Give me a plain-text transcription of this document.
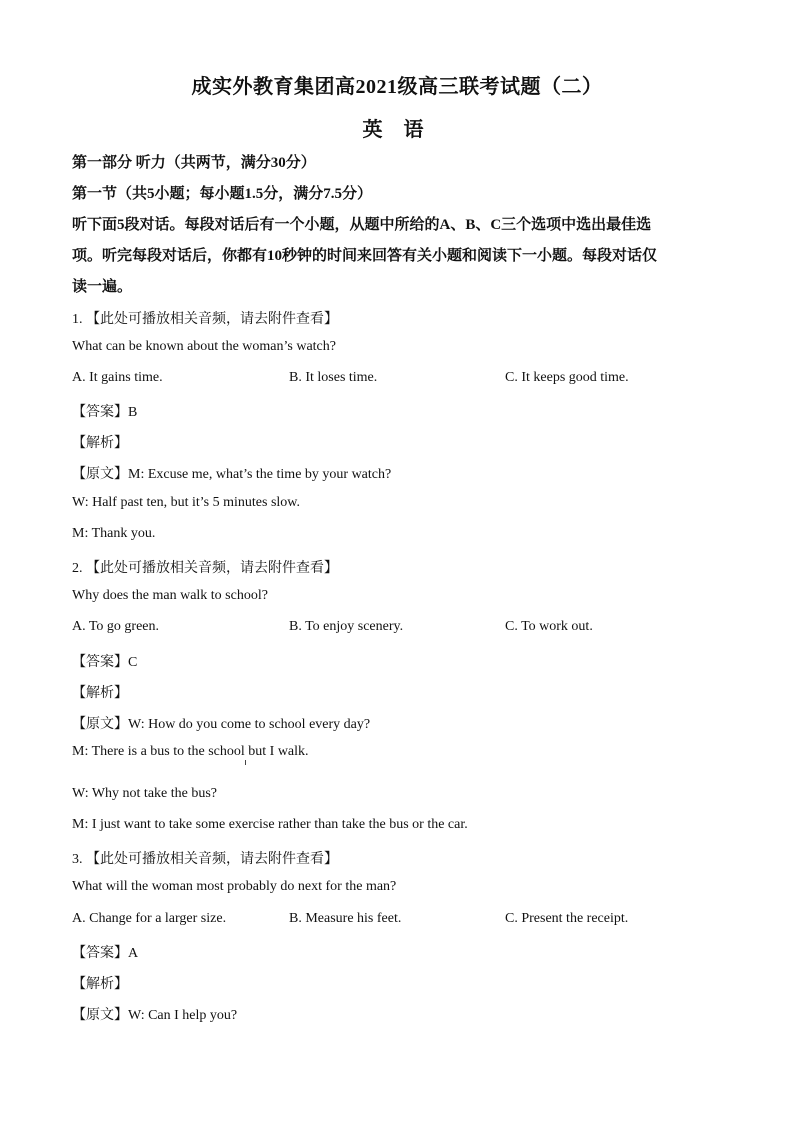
成实外教育集团高2021级高三联考试题（二）
英 语
第一部分 听力（共两节，满分30分）
第一节（共5小题；每小题1.5分，满分7.5分）
听下面5段对话。每段对话后有一个小题，从题中所给的A、B、C三个选项中选出最佳选
项。听完每段对话后，你都有10秒钟的时间来回答有关小题和阅读下一小题。每段对话仅
读一遍。
1. 【此处可播放相关音频，请去附件查看】
What can be known about the woman’s watch?
A. It gains time.	B. It loses time.	C. It keeps good time.
【答案】B
【解析】
【原文】M: Excuse me, what’s the time by your watch?
W: Half past ten, but it’s 5 minutes slow.
M: Thank you.
2. 【此处可播放相关音频，请去附件查看】
Why does the man walk to school?
A. To go green.	B. To enjoy scenery.	C. To work out.
【答案】C
【解析】
【原文】W: How do you come to school every day?
M: There is a bus to the school but I walk.
W: Why not take the bus?
M: I just want to take some exercise rather than take the bus or the car.
3. 【此处可播放相关音频，请去附件查看】
What will the woman most probably do next for the man?
A. Change for a larger size.	B. Measure his feet.	C. Present the receipt.
【答案】A
【解析】
【原文】W: Can I help you?
